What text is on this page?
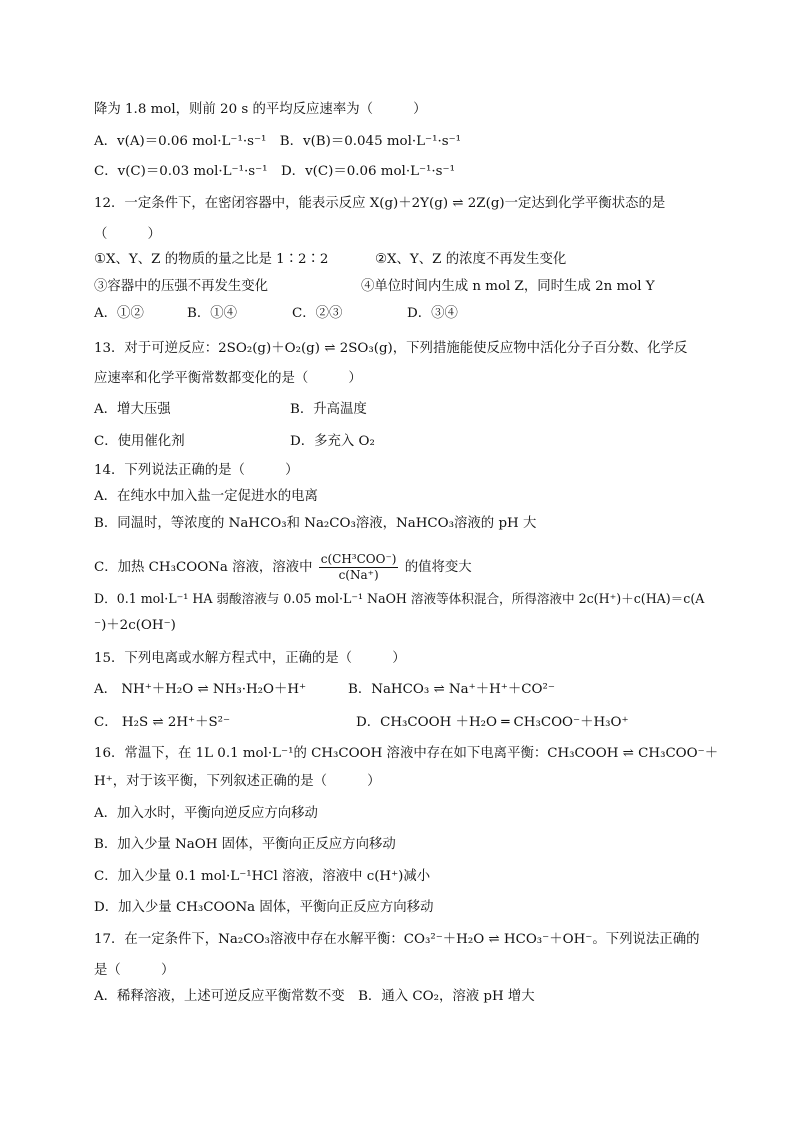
降为 1.8 mol，则前 20 s 的平均反应速率为（　　　）
A．v(A)＝0.06 mol·L⁻¹·s⁻¹　B．v(B)＝0.045 mol·L⁻¹·s⁻¹
C．v(C)＝0.03 mol·L⁻¹·s⁻¹　D．v(C)＝0.06 mol·L⁻¹·s⁻¹
12．一定条件下，在密闭容器中，能表示反应 X(g)＋2Y(g) ⇌ 2Z(g)一定达到化学平衡状态的是
（　　　）
①X、Y、Z 的物质的量之比是 1∶2∶2	②X、Y、Z 的浓度不再发生变化
③容器中的压强不再发生变化	④单位时间内生成 n mol Z，同时生成 2n mol Y
A．①②	B．①④	C．②③	D．③④
13．对于可逆反应：2SO₂(g)＋O₂(g) ⇌ 2SO₃(g)，下列措施能使反应物中活化分子百分数、化学反
应速率和化学平衡常数都变化的是（　　　）
A．增大压强	B．升高温度
C．使用催化剂	D．多充入 O₂
14．下列说法正确的是（　　　）
A．在纯水中加入盐一定促进水的电离
B．同温时，等浓度的 NaHCO₃和 Na₂CO₃溶液，NaHCO₃溶液的 pH 大
C．加热 CH₃COONa 溶液，溶液中
c(CH³COO⁻)
c(Na⁺)	的值将变大
D．0.1 mol·L⁻¹ HA 弱酸溶液与 0.05 mol·L⁻¹ NaOH 溶液等体积混合，所得溶液中 2c(H⁺)＋c(HA)＝c(A
⁻)＋2c(OH⁻)
15．下列电离或水解方程式中，正确的是（　　　）
A． NH⁺＋H₂O ⇌ NH₃·H₂O＋H⁺	B．NaHCO₃ ⇌ Na⁺＋H⁺＋CO²⁻
C． H₂S ⇌ 2H⁺＋S²⁻	D．CH₃COOH ＋H₂O ═ CH₃COO⁻＋H₃O⁺
16．常温下，在 1L 0.1 mol·L⁻¹的 CH₃COOH 溶液中存在如下电离平衡：CH₃COOH ⇌ CH₃COO⁻＋
H⁺，对于该平衡，下列叙述正确的是（　　　）
A．加入水时，平衡向逆反应方向移动
B．加入少量 NaOH 固体，平衡向正反应方向移动
C．加入少量 0.1 mol·L⁻¹HCl 溶液，溶液中 c(H⁺)减小
D．加入少量 CH₃COONa 固体，平衡向正反应方向移动
17．在一定条件下，Na₂CO₃溶液中存在水解平衡：CO₃²⁻＋H₂O ⇌ HCO₃⁻＋OH⁻。下列说法正确的
是（　　　）
A．稀释溶液，上述可逆反应平衡常数不变　B．通入 CO₂，溶液 pH 增大
